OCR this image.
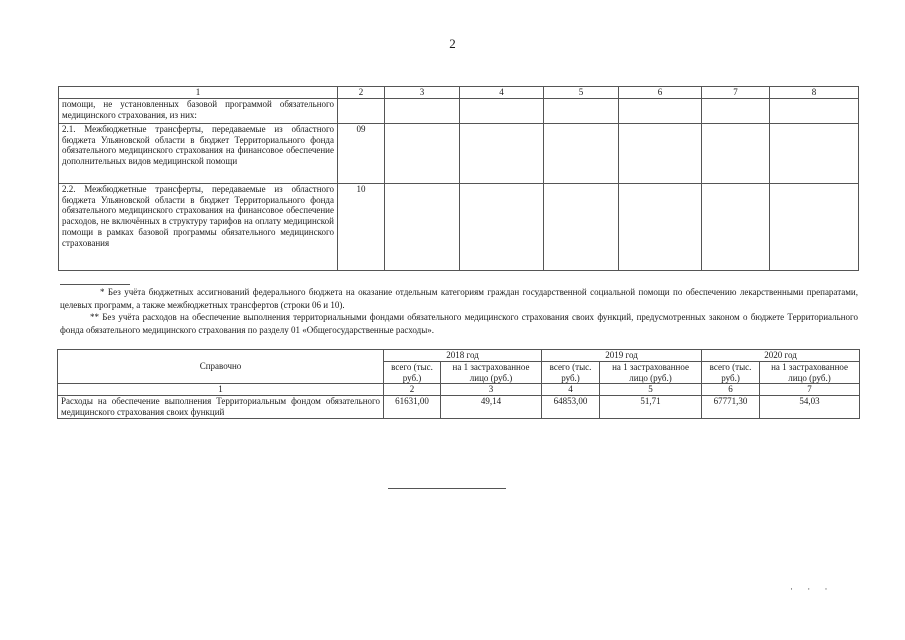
2
1	2	3	4	5	6	7	8
помощи, не установленных базовой программой обязательного медицинского страхования, из них:							
2.1. Межбюджетные трансферты, передаваемые из областного бюджета Ульяновской области в бюджет Территориального фонда обязательного медицинского страхования на финансовое обеспечение дополнительных видов медицинской помощи	09						
2.2. Межбюджетные трансферты, передаваемые из областного бюджета Ульяновской области в бюджет Территориального фонда обязательного медицинского страхования на финансовое обеспечение расходов, не включённых в структуру тарифов на оплату медицинской помощи в рамках базовой программы обязательного медицинского страхования	10						
* Без учёта бюджетных ассигнований федерального бюджета на оказание отдельным категориям граждан государственной социальной помощи по обеспечению лекарственными препаратами, целевых программ, а также межбюджетных трансфертов (строки 06 и 10).
** Без учёта расходов на обеспечение выполнения территориальными фондами обязательного медицинского страхования своих функций, предусмотренных законом о бюджете Территориального фонда обязательного медицинского страхования по разделу 01 «Общегосударственные расходы».
Справочно	2018 год		2019 год		2020 год	
	всего (тыс. руб.)	на 1 застрахованное лицо (руб.)	всего (тыс. руб.)	на 1 застрахованное лицо (руб.)	всего (тыс. руб.)	на 1 застрахованное лицо (руб.)
1	2	3	4	5	6	7
Расходы на обеспечение выполнения Территориальным фондом обязательного медицинского страхования своих функций	61631,00	49,14	64853,00	51,71	67771,30	54,03
· · ·
